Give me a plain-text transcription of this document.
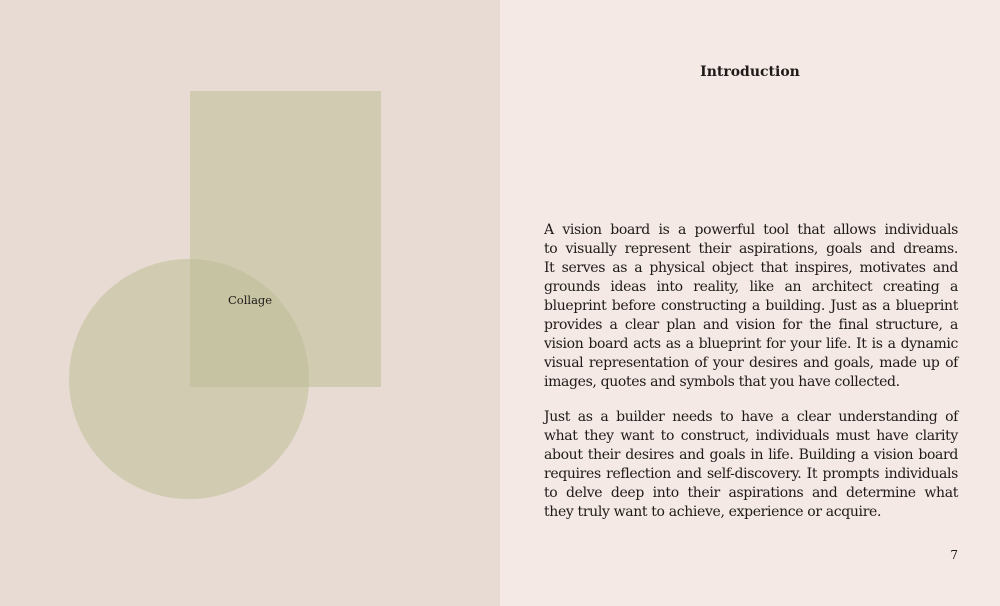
Collage
Introduction
A vision board is a powerful tool that allows individuals
to visually represent their aspirations, goals and dreams.
It serves as a physical object that inspires, motivates and
grounds ideas into reality, like an architect creating a
blueprint before constructing a building. Just as a blueprint
provides a clear plan and vision for the final structure, a
vision board acts as a blueprint for your life. It is a dynamic
visual representation of your desires and goals, made up of
images, quotes and symbols that you have collected.
Just as a builder needs to have a clear understanding of
what they want to construct, individuals must have clarity
about their desires and goals in life. Building a vision board
requires reflection and self-discovery. It prompts individuals
to delve deep into their aspirations and determine what
they truly want to achieve, experience or acquire.
7
